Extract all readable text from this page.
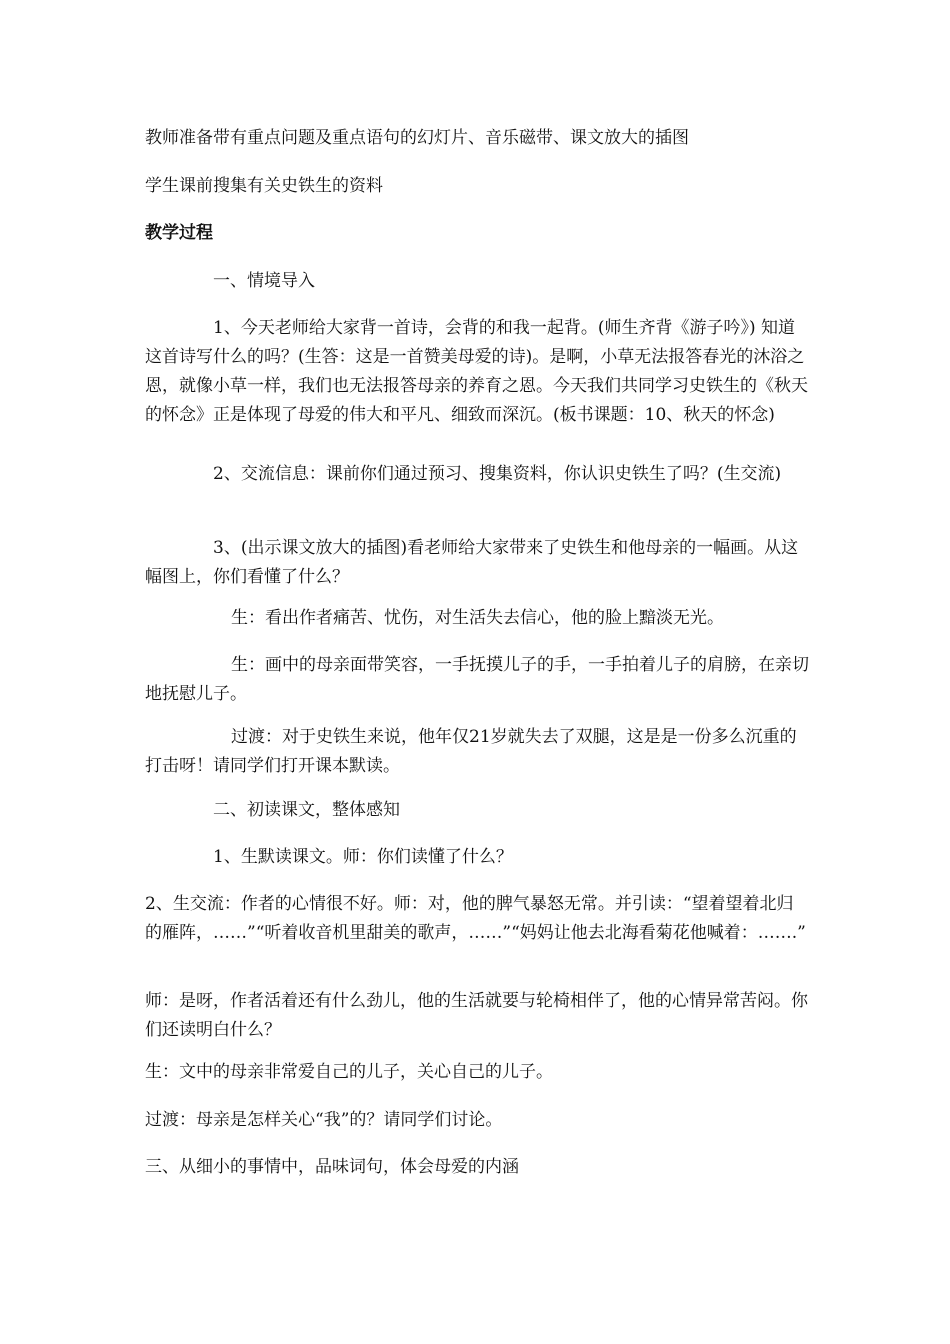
教师准备带有重点问题及重点语句的幻灯片、音乐磁带、课文放大的插图

学生课前搜集有关史铁生的资料

教学过程

一、情境导入

1、今天老师给大家背一首诗，会背的和我一起背。(师生齐背《游子吟》) 知道这首诗写什么的吗？(生答：这是一首赞美母爱的诗)。是啊，小草无法报答春光的沐浴之恩，就像小草一样，我们也无法报答母亲的养育之恩。今天我们共同学习史铁生的《秋天的怀念》正是体现了母爱的伟大和平凡、细致而深沉。(板书课题：10、秋天的怀念)

2、交流信息：课前你们通过预习、搜集资料，你认识史铁生了吗？(生交流)

3、(出示课文放大的插图)看老师给大家带来了史铁生和他母亲的一幅画。从这幅图上，你们看懂了什么？

生：看出作者痛苦、忧伤，对生活失去信心，他的脸上黯淡无光。

生：画中的母亲面带笑容，一手抚摸儿子的手，一手拍着儿子的肩膀，在亲切地抚慰儿子。

过渡：对于史铁生来说，他年仅21岁就失去了双腿，这是是一份多么沉重的打击呀！请同学们打开课本默读。

二、初读课文，整体感知

1、生默读课文。师：你们读懂了什么？

2、生交流：作者的心情很不好。师：对，他的脾气暴怒无常。并引读：“望着望着北归的雁阵，……”“听着收音机里甜美的歌声，……”“妈妈让他去北海看菊花他喊着：…….”

师：是呀，作者活着还有什么劲儿，他的生活就要与轮椅相伴了，他的心情异常苦闷。你们还读明白什么？

生：文中的母亲非常爱自己的儿子，关心自己的儿子。

过渡：母亲是怎样关心“我”的？请同学们讨论。

三、从细小的事情中，品味词句，体会母爱的内涵
